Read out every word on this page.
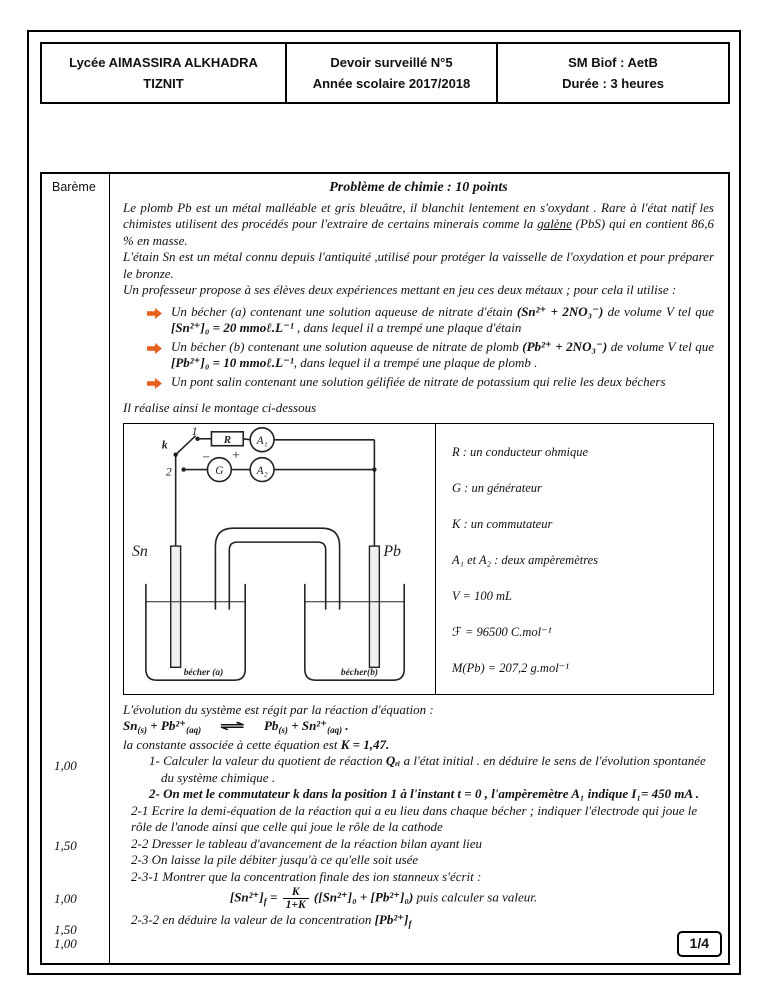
Lycée AlMASSIRA ALKHADRA
TIZNIT
Devoir surveillé N°5
Année scolaire 2017/2018
SM Biof : AetB
Durée : 3 heures
Barème
1,00
1,50
1,00
1,50
1,00
Problème de chimie : 10 points

Le plomb Pb est un métal malléable et gris bleuâtre, il blanchit lentement en s'oxydant . Rare à l'état natif les chimistes utilisent des procédés pour l'extraire de certains minerais comme la galène (PbS) qui en contient 86,6 % en masse.

L'étain Sn est un métal connu depuis l'antiquité ,utilisé pour protéger la vaisselle de l'oxydation et pour préparer le bronze.

Un professeur propose à ses élèves deux expériences mettant en jeu ces deux métaux ; pour cela il utilise :

Un bécher (a) contenant une solution aqueuse de nitrate d'étain (Sn²⁺ + 2NO₃⁻) de volume V tel que [Sn²⁺]₀ = 20 mmoℓ.L⁻¹ , dans lequel il a trempé une plaque d'étain
Un bécher (b) contenant une solution aqueuse de nitrate de plomb (Pb²⁺ + 2NO₃⁻) de volume V tel que [Pb²⁺]₀ = 10 mmoℓ.L⁻¹, dans lequel il a trempé une plaque de plomb .
Un pont salin contenant une solution gélifiée de nitrate de potassium qui relie les deux béchers

Il réalise ainsi le montage ci-dessous

1
k
2
R A₁
G	A₂
− +
Sn	Pb
bécher (a)	bécher(b)
R : un conducteur ohmique
G : un générateur
K : un commutateur
A₁ et A₂ : deux ampèremètres
V = 100 mL
ℱ = 96500 C.mol⁻¹
M(Pb) = 207,2 g.mol⁻¹

L'évolution du système est régit par la réaction d'équation :

$Sn_{(s)} + Pb^{2+}_{(aq)}$ ⇌ $Pb_{(s)} + Sn^{2+}_{(aq)}$ .

la constante associée à cette équation est K = 1,47.

1- Calculer la valeur du quotient de réaction Qᵣᵢ a l'état initial . en déduire le sens de l'évolution spontanée du système chimique .

2- On met le commutateur k dans la position 1 à l'instant t = 0 , l'ampèremètre A₁ indique I₁= 450 mA .

2-1 Ecrire la demi-équation de la réaction qui a eu lieu dans chaque bécher ; indiquer l'électrode qui joue le rôle de l'anode ainsi que celle qui joue le rôle de la cathode

2-2 Dresser le tableau d'avancement de la réaction bilan ayant lieu

2-3 On laisse la pile débiter jusqu'à ce qu'elle soit usée

2-3-1 Montrer que la concentration finale des ion stanneux s'écrit :

$[Sn^{2+}]_f = \frac{K}{1+K} ([Sn^{2+}]_0 + [Pb^{2+}]_0)$ puis calculer sa valeur.

2-3-2 en déduire la valeur de la concentration $[Pb^{2+}]_f$

1/4
